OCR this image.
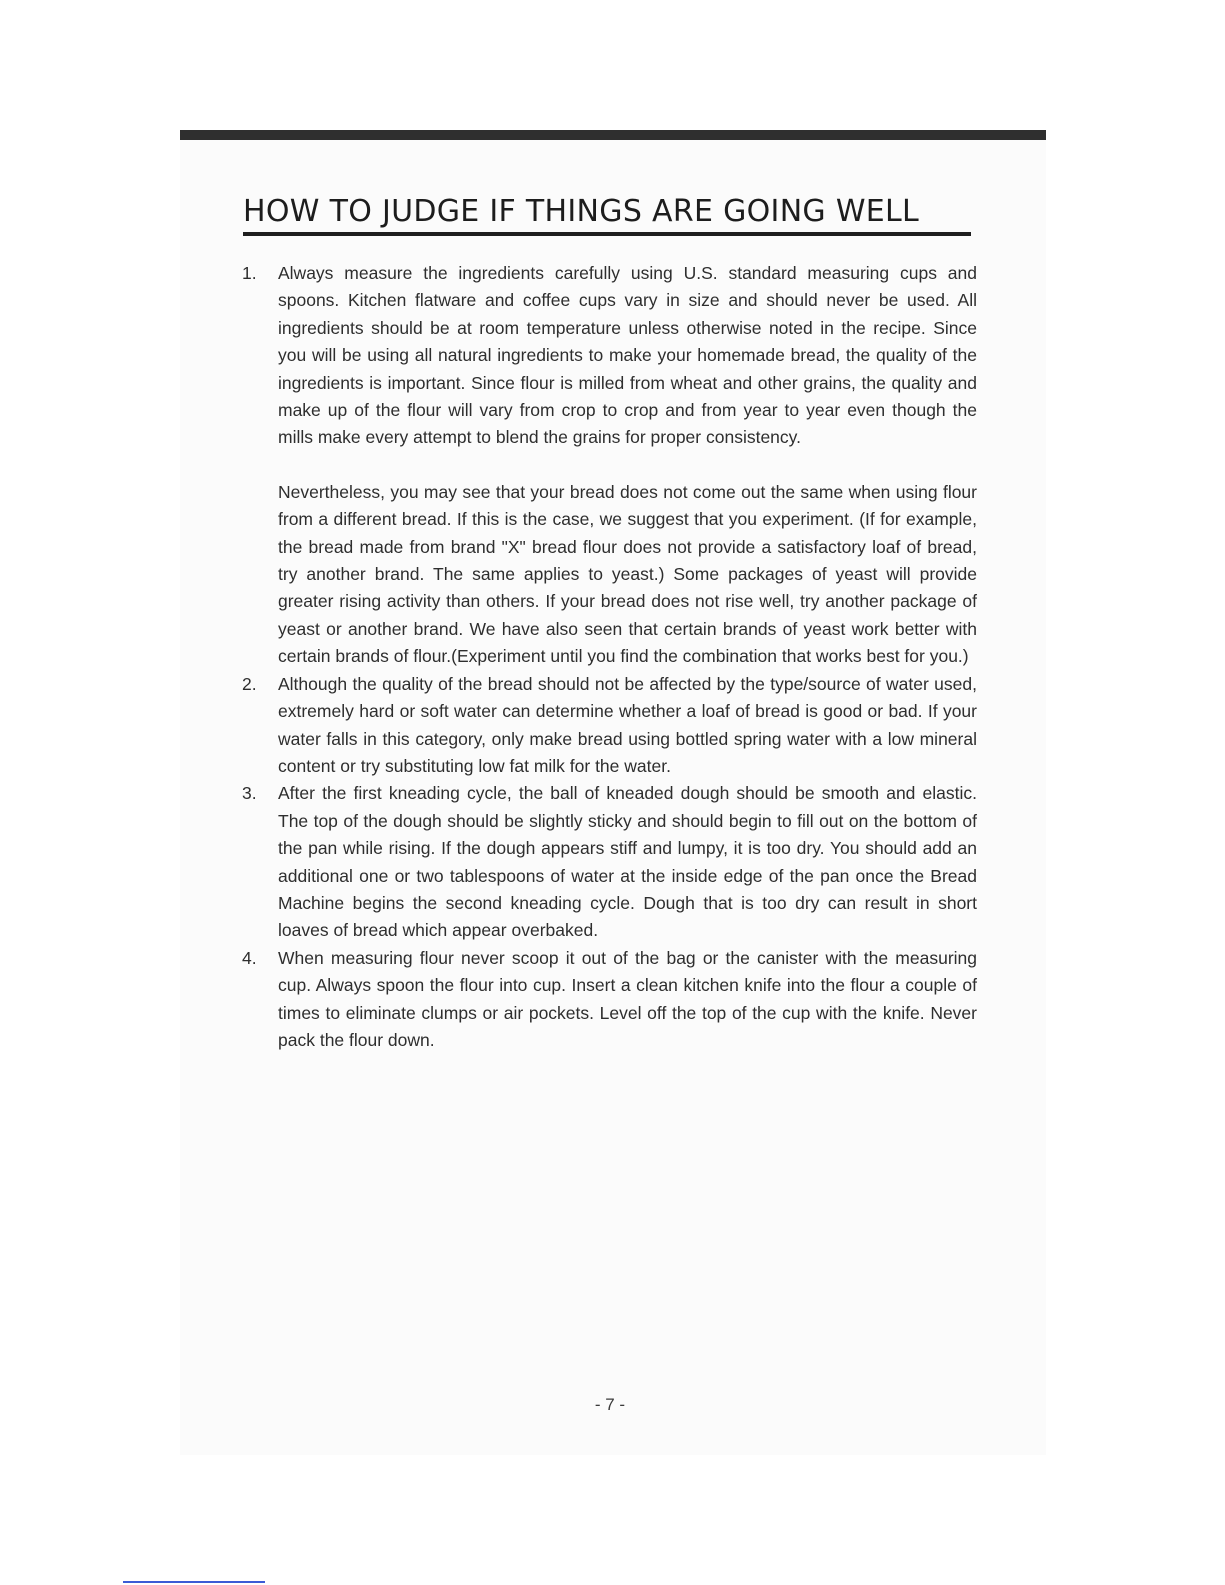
HOW TO JUDGE IF THINGS ARE GOING WELL
1. Always measure the ingredients carefully using U.S. standard measuring cups and spoons. Kitchen flatware and coffee cups vary in size and should never be used. All ingredients should be at room temperature unless otherwise noted in the recipe. Since you will be using all natural ingredients to make your homemade bread, the quality of the ingredients is important. Since flour is milled from wheat and other grains, the quality and make up of the flour will vary from crop to crop and from year to year even though the mills make every attempt to blend the grains for proper consistency.

Nevertheless, you may see that your bread does not come out the same when using flour from a different bread. If this is the case, we suggest that you experiment. (If for example, the bread made from brand "X" bread flour does not provide a satisfactory loaf of bread, try another brand. The same applies to yeast.) Some packages of yeast will provide greater rising activity than others. If your bread does not rise well, try another package of yeast or another brand. We have also seen that certain brands of yeast work better with certain brands of flour.(Experiment until you find the combination that works best for you.)

2. Although the quality of the bread should not be affected by the type/source of water used, extremely hard or soft water can determine whether a loaf of bread is good or bad. If your water falls in this category, only make bread using bottled spring water with a low mineral content or try substituting low fat milk for the water.

3. After the first kneading cycle, the ball of kneaded dough should be smooth and elastic. The top of the dough should be slightly sticky and should begin to fill out on the bottom of the pan while rising. If the dough appears stiff and lumpy, it is too dry. You should add an additional one or two tablespoons of water at the inside edge of the pan once the Bread Machine begins the second kneading cycle. Dough that is too dry can result in short loaves of bread which appear overbaked.

4. When measuring flour never scoop it out of the bag or the canister with the measuring cup. Always spoon the flour into cup. Insert a clean kitchen knife into the flour a couple of times to eliminate clumps or air pockets. Level off the top of the cup with the knife. Never pack the flour down.

- 7 -
